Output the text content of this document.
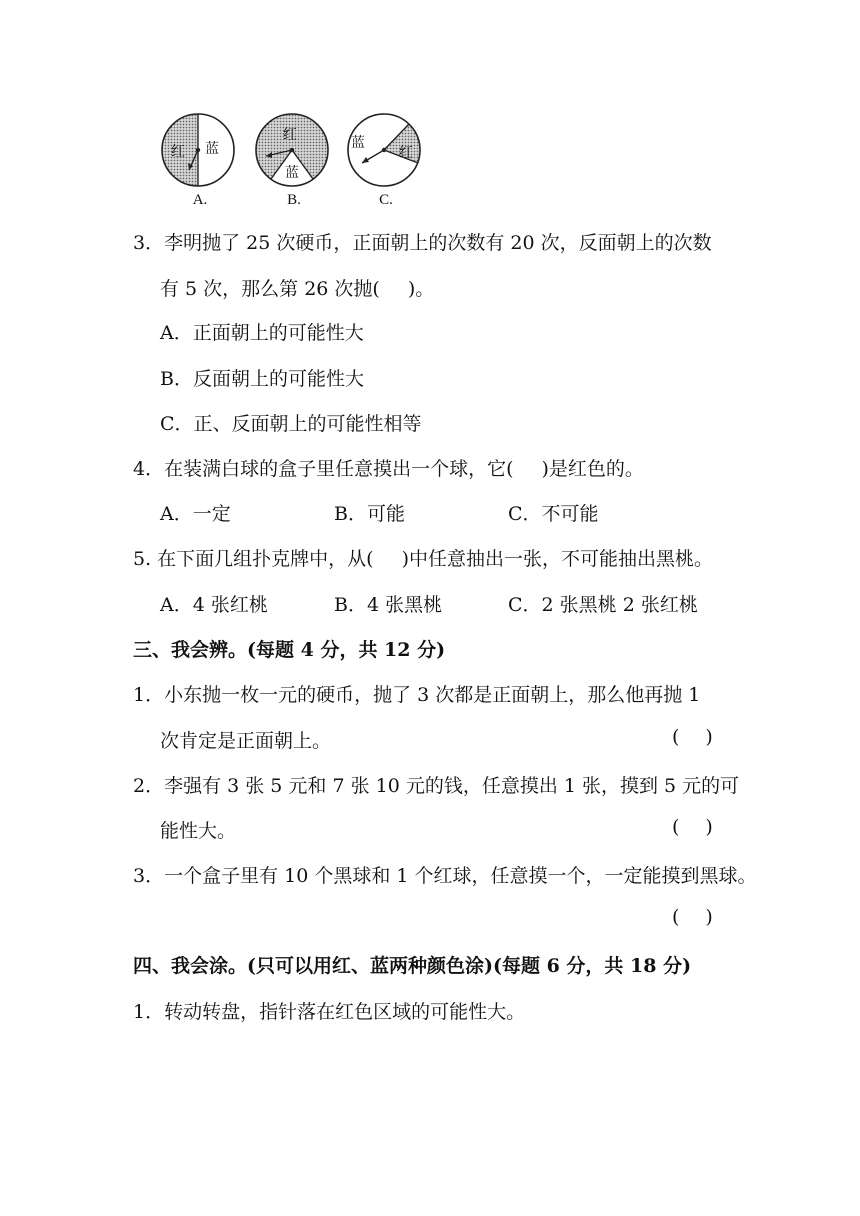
红 蓝
A.
红
蓝
B.
蓝
红
C.
3．李明抛了 25 次硬币，正面朝上的次数有 20 次，反面朝上的次数
有 5 次，那么第 26 次抛( )。
A．正面朝上的可能性大
B．反面朝上的可能性大
C．正、反面朝上的可能性相等
4．在装满白球的盒子里任意摸出一个球，它( )是红色的。
A．一定	B．可能	C．不可能
5. 在下面几组扑克牌中，从( )中任意抽出一张，不可能抽出黑桃。
A．4 张红桃	B．4 张黑桃	C．2 张黑桃 2 张红桃
三、我会辨。(每题 4 分，共 12 分)
1．小东抛一枚一元的硬币，抛了 3 次都是正面朝上，那么他再抛 1
次肯定是正面朝上。	( )
2．李强有 3 张 5 元和 7 张 10 元的钱，任意摸出 1 张，摸到 5 元的可
能性大。	( )
3．一个盒子里有 10 个黑球和 1 个红球，任意摸一个，一定能摸到黑球。
( )
四、我会涂。(只可以用红、蓝两种颜色涂)(每题 6 分，共 18 分)
1．转动转盘，指针落在红色区域的可能性大。
